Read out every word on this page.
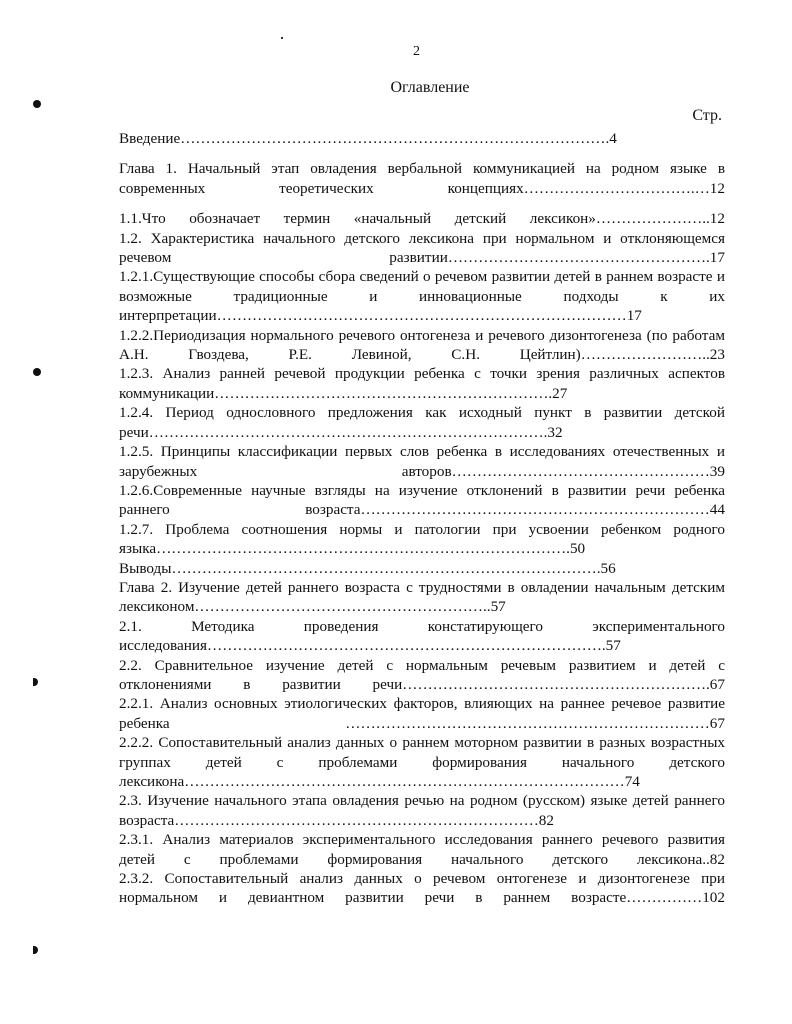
2
Оглавление
Стр.

Введение………………………………………………………………………….4

Глава 1. Начальный этап овладения вербальной коммуникацией на родном языке в современных теоретических концепциях…………………………….…12

1.1.Что обозначает термин «начальный детский лексикон»…………………..12

1.2. Характеристика начального детского лексикона при нормальном и отклоняющемся речевом развитии…………………………………………….17

1.2.1.Существующие способы сбора сведений о речевом развитии детей в раннем возрасте и возможные традиционные и инновационные подходы к их интерпретации………………………………………………………………………17

1.2.2.Периодизация нормального речевого онтогенеза и речевого дизонтогенеза (по работам А.Н. Гвоздева, Р.Е. Левиной, С.Н. Цейтлин)……………………..23

1.2.3. Анализ ранней речевой продукции ребенка с точки зрения различных аспектов коммуникации………………………………………………………….27

1.2.4. Период однословного предложения как исходный пункт в развитии детской речи…………………………………………………………………….32

1.2.5. Принципы классификации первых слов ребенка в исследованиях отечественных и зарубежных авторов……………………………………………39

1.2.6.Современные научные взгляды на изучение отклонений в развитии речи ребенка раннего возраста……………………………………………………………44

1.2.7. Проблема соотношения нормы и патологии при усвоении ребенком родного языка……………………………………………………………………….50

Выводы………………………………………………………………………….56

Глава 2. Изучение детей раннего возраста с трудностями в овладении начальным детским лексиконом…………………………………………………..57

2.1. Методика проведения констатирующего экспериментального исследования…………………………………………………………………….57

2.2. Сравнительное изучение детей с нормальным речевым развитием и детей с отклонениями в развитии речи…………………………………………………….67

2.2.1. Анализ основных этиологических факторов, влияющих на раннее речевое развитие ребенка ………………………………………………………………67

2.2.2. Сопоставительный анализ данных о раннем моторном развитии в разных возрастных группах детей с проблемами формирования начального детского лексикона……………………………………………………………………………74

2.3. Изучение начального этапа овладения речью на родном (русском) языке детей раннего возраста………………………………………………………………82

2.3.1. Анализ материалов экспериментального исследования раннего речевого развития детей с проблемами формирования начального детского лексикона..82

2.3.2. Сопоставительный анализ данных о речевом онтогенезе и дизонтогенезе при нормальном и девиантном развитии речи в раннем возрасте……………102
